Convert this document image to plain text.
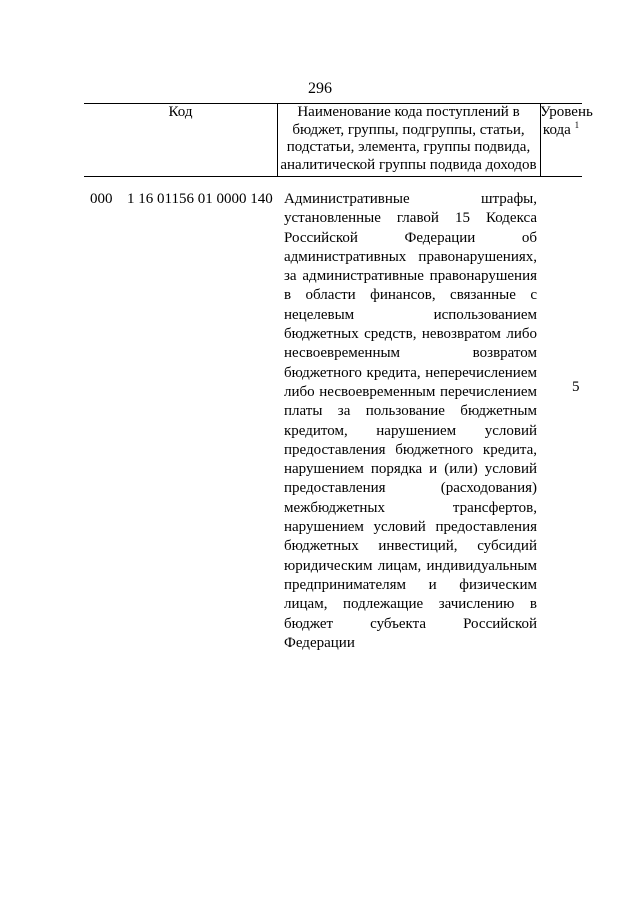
296
Код	Наименование кода поступлений в бюджет, группы, подгруппы, статьи, подстатьи, элемента, группы подвида, аналитической группы подвида доходов
Уровень
кода $^1$
000 1 16 01156 01 0000 140 Административные штрафы, установленные главой 15 Кодекса Российской Федерации об административных правонарушениях, за административные правонарушения в области финансов, связанные с нецелевым использованием бюджетных средств, невозвратом либо несвоевременным возвратом бюджетного кредита, неперечислением либо несвоевременным перечислением платы за пользование бюджетным кредитом, нарушением условий предоставления бюджетного кредита, нарушением порядка и (или) условий предоставления (расходования) межбюджетных трансфертов, нарушением условий предоставления бюджетных инвестиций, субсидий юридическим лицам, индивидуальным предпринимателям и физическим лицам, подлежащие зачислению в бюджет субъекта Российской Федерации
5
